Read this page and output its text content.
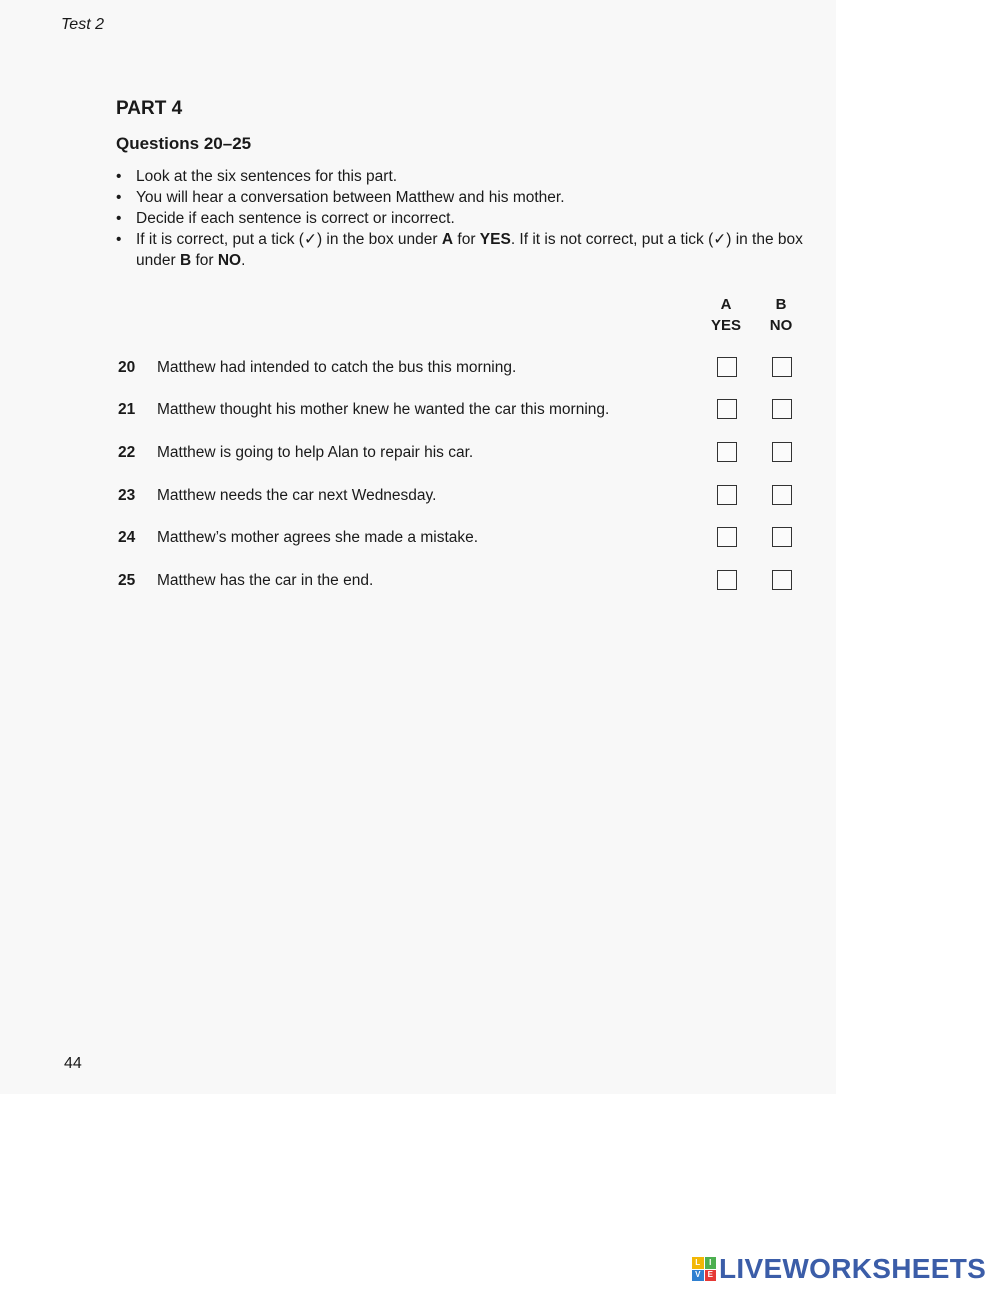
Test 2
PART 4
Questions 20–25
• Look at the six sentences for this part.
• You will hear a conversation between Matthew and his mother.
• Decide if each sentence is correct or incorrect.
• If it is correct, put a tick (✓) in the box under A for YES. If it is not correct, put a tick (✓) in the box under B for NO.
A
YES
B
NO
20 Matthew had intended to catch the bus this morning.
21 Matthew thought his mother knew he wanted the car this morning.
22 Matthew is going to help Alan to repair his car.
23 Matthew needs the car next Wednesday.
24 Matthew’s mother agrees she made a mistake.
25 Matthew has the car in the end.
44
L	I
V E LIVEWORKSHEETS
